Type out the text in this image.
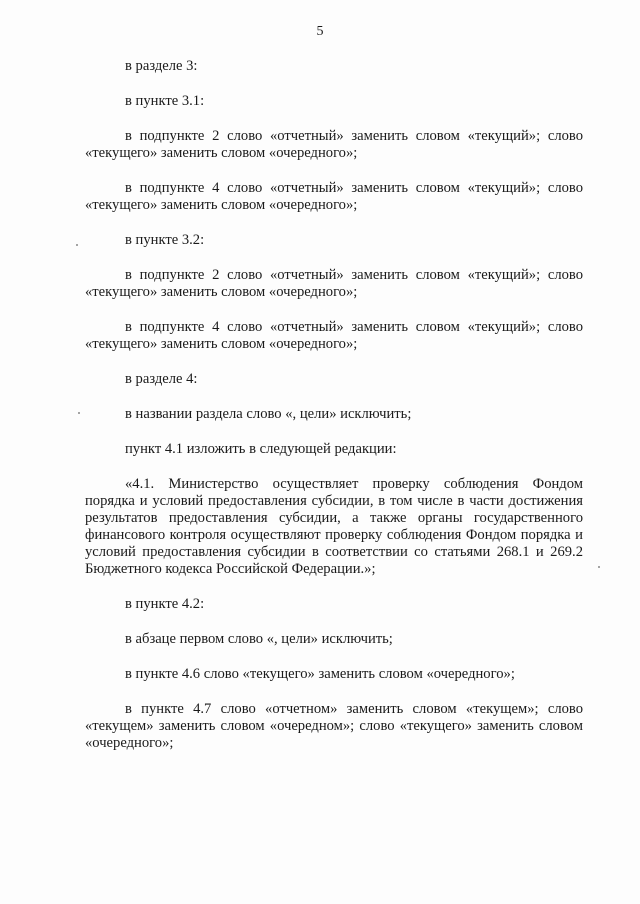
5

в разделе 3:

в пункте 3.1:

в подпункте 2 слово «отчетный» заменить словом «текущий»; слово «текущего» заменить словом «очередного»;

в подпункте 4 слово «отчетный» заменить словом «текущий»; слово «текущего» заменить словом «очередного»;

в пункте 3.2:

в подпункте 2 слово «отчетный» заменить словом «текущий»; слово «текущего» заменить словом «очередного»;

в подпункте 4 слово «отчетный» заменить словом «текущий»; слово «текущего» заменить словом «очередного»;

в разделе 4:

в названии раздела слово «, цели» исключить;

пункт 4.1 изложить в следующей редакции:

«4.1. Министерство осуществляет проверку соблюдения Фондом порядка и условий предоставления субсидии, в том числе в части достижения результатов предоставления субсидии, а также органы государственного финансового контроля осуществляют проверку соблюдения Фондом порядка и условий предоставления субсидии в соответствии со статьями 268.1 и 269.2 Бюджетного кодекса Российской Федерации.»;

в пункте 4.2:

в абзаце первом слово «, цели» исключить;

в пункте 4.6 слово «текущего» заменить словом «очередного»;

в пункте 4.7 слово «отчетном» заменить словом «текущем»; слово «текущем» заменить словом «очередном»; слово «текущего» заменить словом «очередного»;
